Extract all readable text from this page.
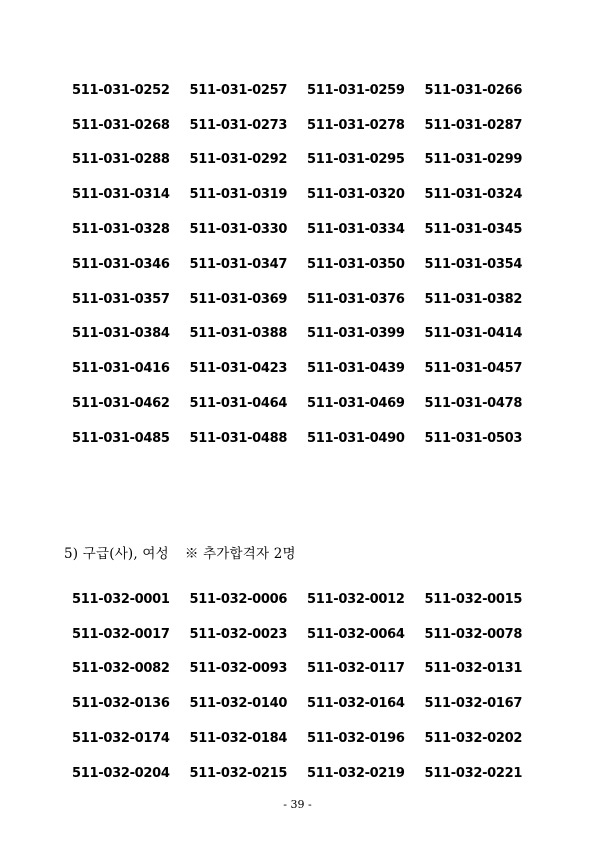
511-031-0252	511-031-0257	511-031-0259	511-031-0266
511-031-0268	511-031-0273	511-031-0278	511-031-0287
511-031-0288	511-031-0292	511-031-0295	511-031-0299
511-031-0314	511-031-0319	511-031-0320	511-031-0324
511-031-0328	511-031-0330	511-031-0334	511-031-0345
511-031-0346	511-031-0347	511-031-0350	511-031-0354
511-031-0357	511-031-0369	511-031-0376	511-031-0382
511-031-0384	511-031-0388	511-031-0399	511-031-0414
511-031-0416	511-031-0423	511-031-0439	511-031-0457
511-031-0462	511-031-0464	511-031-0469	511-031-0478
511-031-0485	511-031-0488	511-031-0490	511-031-0503
5) 구급(사), 여성 ※ 추가합격자 2명
511-032-0001	511-032-0006	511-032-0012	511-032-0015
511-032-0017	511-032-0023	511-032-0064	511-032-0078
511-032-0082	511-032-0093	511-032-0117	511-032-0131
511-032-0136	511-032-0140	511-032-0164	511-032-0167
511-032-0174	511-032-0184	511-032-0196	511-032-0202
511-032-0204	511-032-0215	511-032-0219	511-032-0221
- 39 -
